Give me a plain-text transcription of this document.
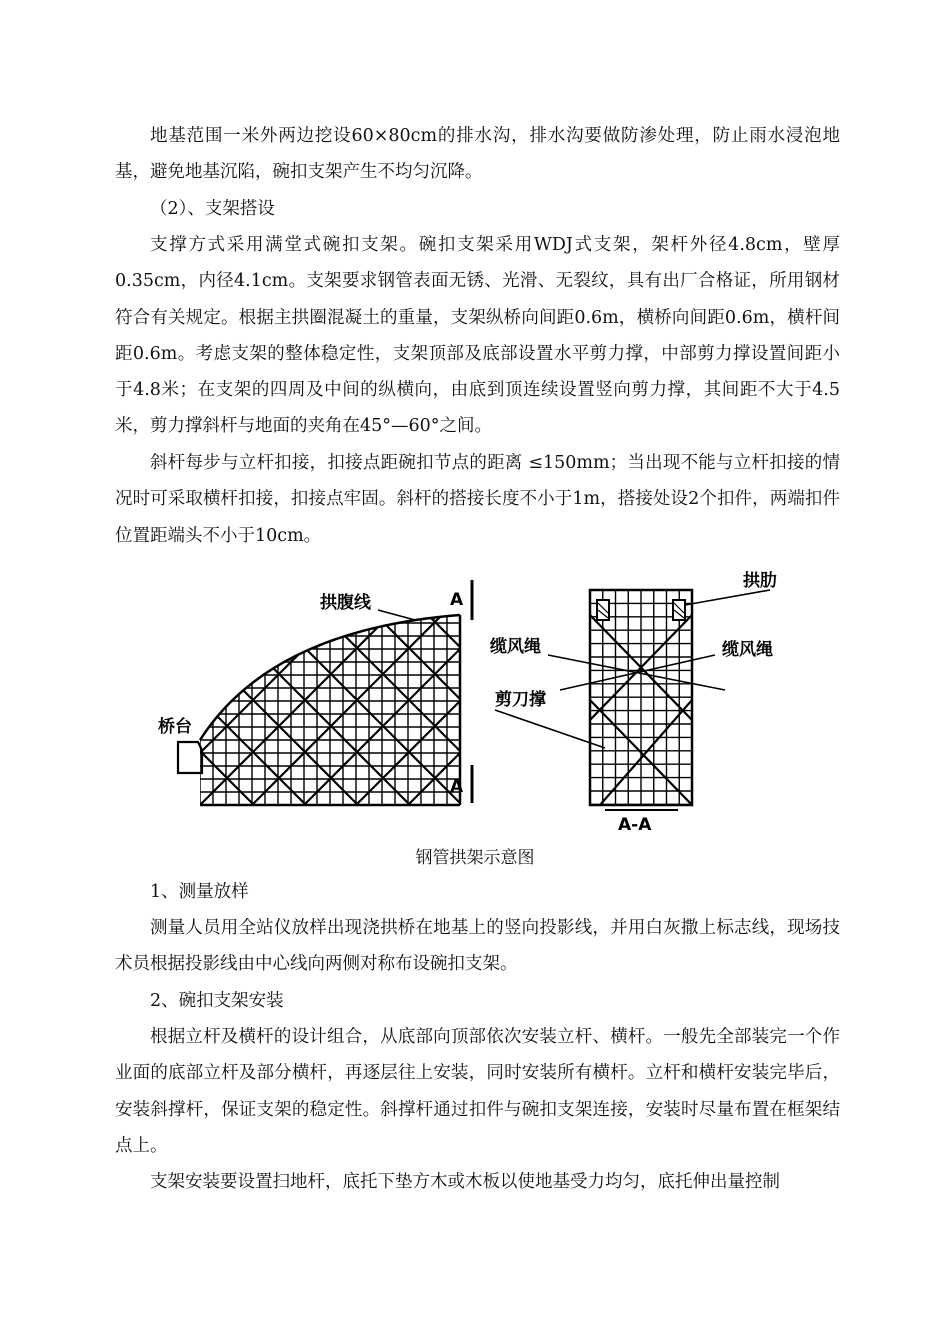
地基范围一米外两边挖设60×80cm的排水沟，排水沟要做防渗处理，防止雨水浸泡地基，避免地基沉陷，碗扣支架产生不均匀沉降。

（2）、支架搭设

支撑方式采用满堂式碗扣支架。碗扣支架采用WDJ式支架，架杆外径4.8cm，壁厚0.35cm，内径4.1cm。支架要求钢管表面无锈、光滑、无裂纹，具有出厂合格证，所用钢材符合有关规定。根据主拱圈混凝土的重量，支架纵桥向间距0.6m，横桥向间距0.6m，横杆间距0.6m。考虑支架的整体稳定性，支架顶部及底部设置水平剪力撑，中部剪力撑设置间距小于4.8米；在支架的四周及中间的纵横向，由底到顶连续设置竖向剪力撑，其间距不大于4.5米，剪力撑斜杆与地面的夹角在45°—60°之间。

斜杆每步与立杆扣接，扣接点距碗扣节点的距离 ≤150mm；当出现不能与立杆扣接的情况时可采取横杆扣接，扣接点牢固。斜杆的搭接长度不小于1m，搭接处设2个扣件，两端扣件位置距端头不小于10cm。

拱腹线	A
A
桥台
拱肋
缆风绳	缆风绳
剪刀撑
A-A

钢管拱架示意图

1、测量放样

测量人员用全站仪放样出现浇拱桥在地基上的竖向投影线，并用白灰撒上标志线，现场技术员根据投影线由中心线向两侧对称布设碗扣支架。

2、碗扣支架安装

根据立杆及横杆的设计组合，从底部向顶部依次安装立杆、横杆。一般先全部装完一个作业面的底部立杆及部分横杆，再逐层往上安装，同时安装所有横杆。立杆和横杆安装完毕后，安装斜撑杆，保证支架的稳定性。斜撑杆通过扣件与碗扣支架连接，安装时尽量布置在框架结点上。

支架安装要设置扫地杆，底托下垫方木或木板以使地基受力均匀，底托伸出量控制
